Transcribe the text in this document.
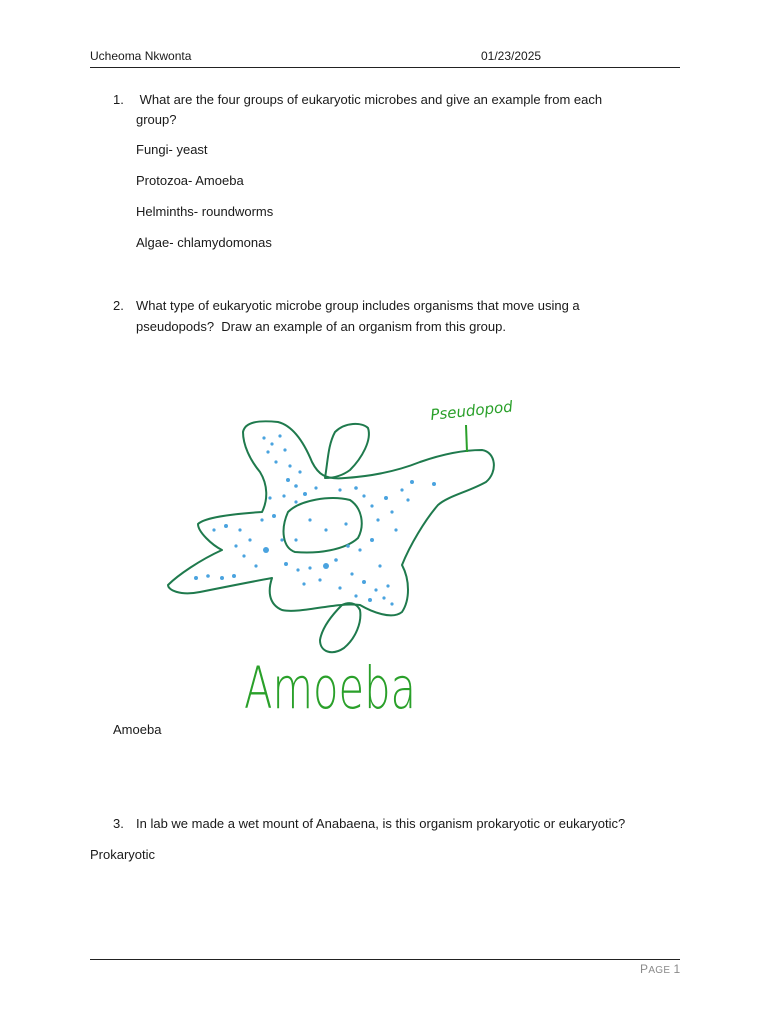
Ucheoma Nkwonta	01/23/2025
1. What are the four groups of eukaryotic microbes and give an example from each
group?
Fungi- yeast
Protozoa- Amoeba
Helminths- roundworms
Algae- chlamydomonas
2. What type of eukaryotic microbe group includes organisms that move using a
pseudopods?  Draw an example of an organism from this group.
Pseudopod
Amoeba
Amoeba
3. In lab we made a wet mount of Anabaena, is this organism prokaryotic or eukaryotic?
Prokaryotic
PAGE 1
